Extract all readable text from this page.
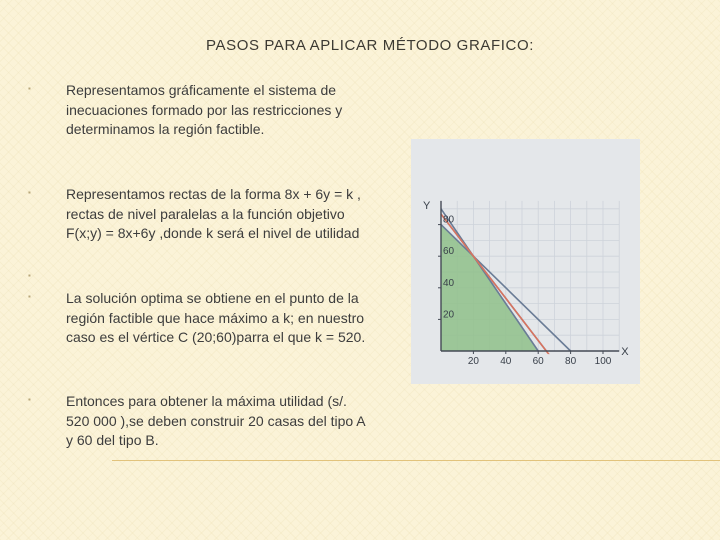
PASOS PARA APLICAR MÉTODO GRAFICO:
▪	Representamos gráficamente el sistema de inecuaciones formado por las restricciones y determinamos la región factible.
▪	Representamos rectas de la forma 8x + 6y = k , rectas de nivel paralelas a la función objetivo F(x;y) = 8x+6y ,donde k será el nivel de utilidad
▪
▪	La solución optima se obtiene en el punto de la región factible que hace máximo a k; en nuestro caso es el vértice C (20;60)parra el que k = 520.
▪	Entonces para obtener la máxima utilidad (s/. 520 000 ),se deben construir 20 casas del tipo A y 60 del tipo B.
20 40 60 80 100
20
40
60
80
X
Y
